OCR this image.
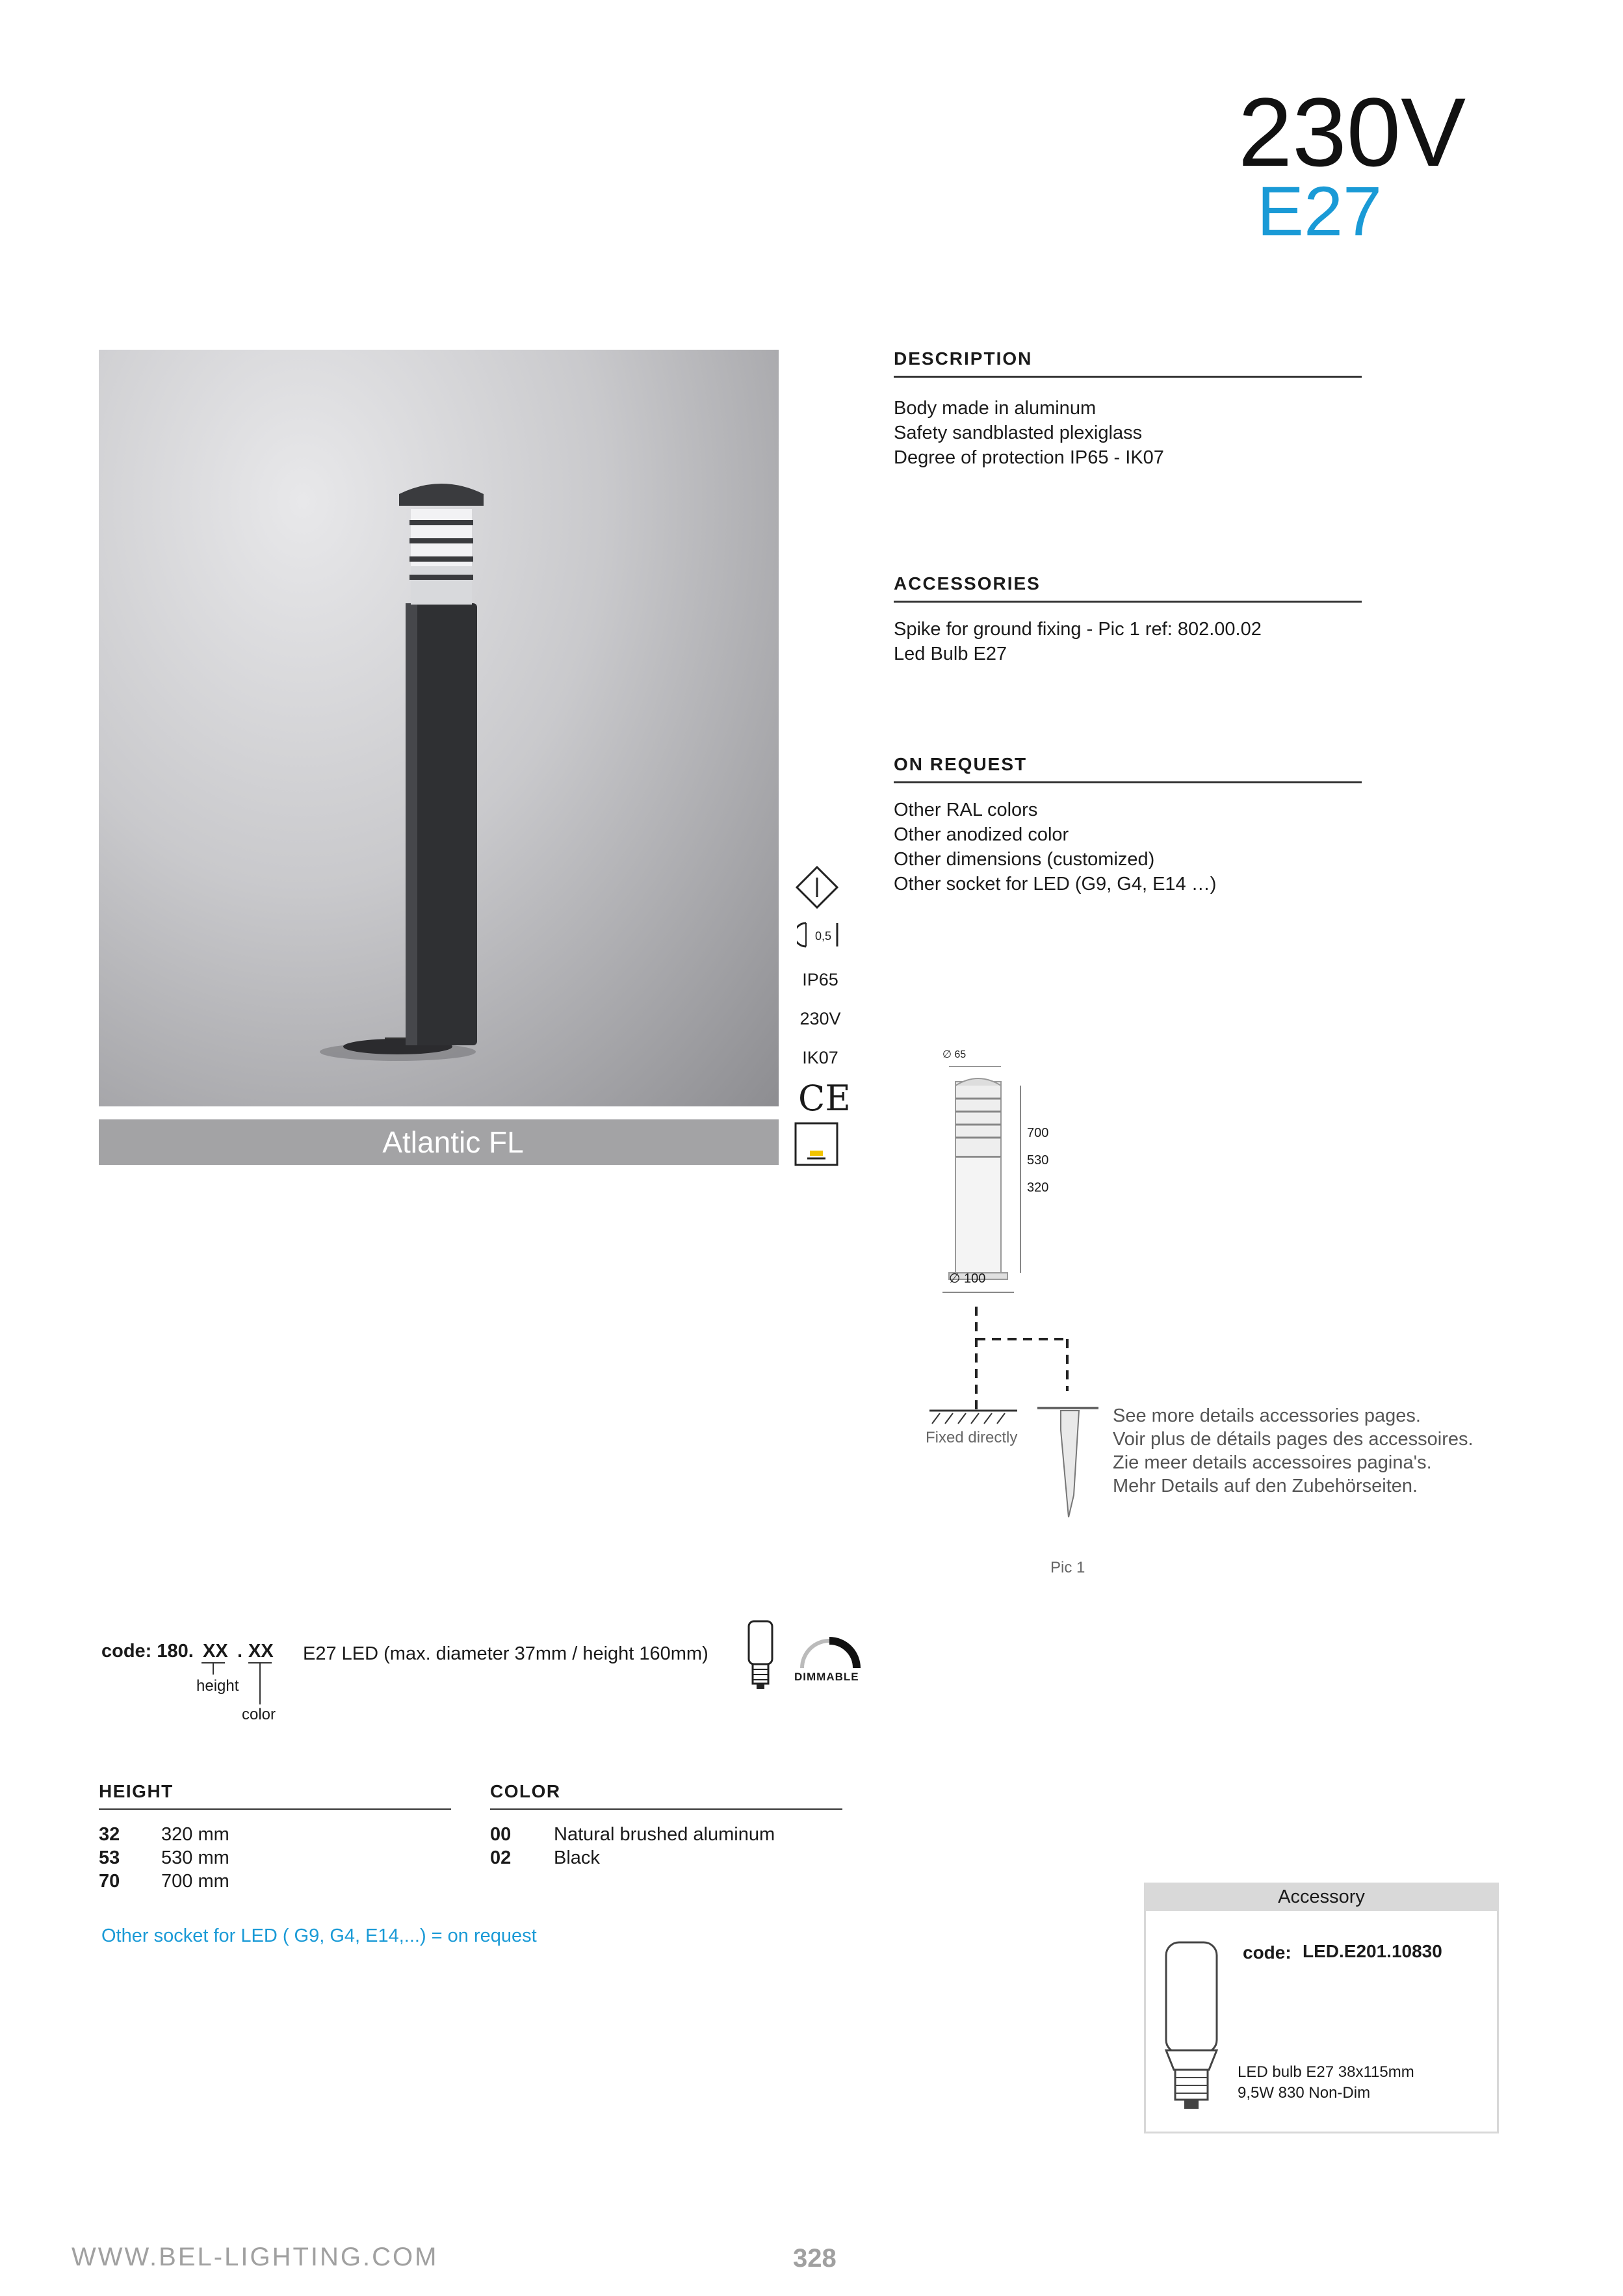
230V
E27
Atlantic FL
DESCRIPTION
Body made in aluminum
Safety sandblasted plexiglass
Degree of protection IP65 - IK07
ACCESSORIES
Spike for ground fixing - Pic 1 ref: 802.00.02
Led Bulb E27
ON REQUEST
Other RAL colors
Other anodized color
Other dimensions (customized)
Other socket for LED (G9, G4, E14 …)
0,5
IP65
230V
IK07
CE
∅ 65
700
530
320
∅ 100
Fixed directly
Pic 1
See more details accessories pages.
Voir plus de détails pages des accessoires.
Zie meer details accessoires pagina's.
Mehr Details auf den Zubehörseiten.
code: 180. XX . XX
height
color
E27 LED (max. diameter 37mm / height 160mm)
DIMMABLE
HEIGHT
32 320 mm
53 530 mm
70 700 mm
COLOR
00 Natural brushed aluminum
02 Black
Other socket for LED ( G9, G4, E14,...) = on request
Accessory
code: LED.E201.10830
LED bulb E27 38x115mm
9,5W 830 Non-Dim
WWW.BEL-LIGHTING.COM	328
